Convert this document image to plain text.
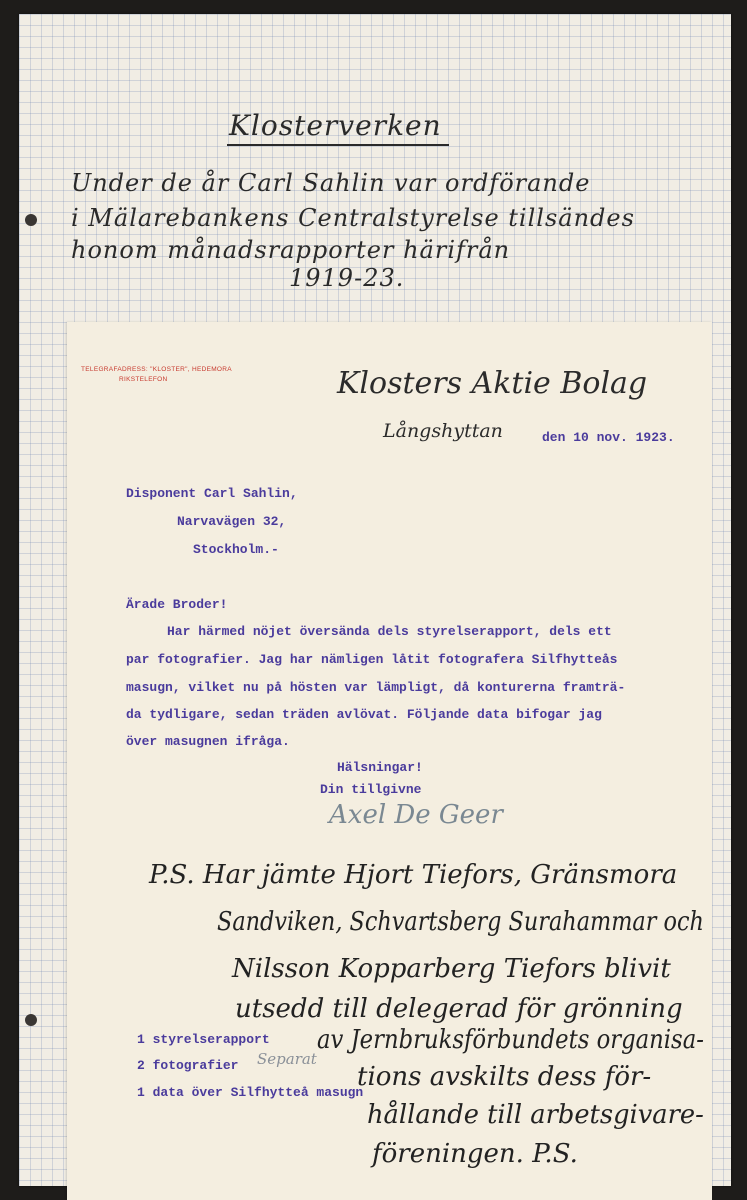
Klosterverken
Under de år Carl Sahlin var ordförande
i Mälarebankens Centralstyrelse tillsändes
honom månadsrapporter härifrån
1919-23.
TELEGRAFADRESS: "KLOSTER", HEDEMORA
RIKSTELEFON	Klosters Aktie Bolag
Långshyttan	den 10 nov. 1923.
Disponent Carl Sahlin,
Narvavägen 32,
Stockholm.-
Ärade Broder!
Har härmed nöjet översända dels styrelserapport, dels ett
par fotografier. Jag har nämligen låtit fotografera Silfhytteås
masugn, vilket nu på hösten var lämpligt, då konturerna framträ-
da tydligare, sedan träden avlövat. Följande data bifogar jag
över masugnen ifråga.
Hälsningar!
Din tillgivne
Axel De Geer
1 styrelserapport
2 fotografier
1 data över Silfhytteå masugn
Separat
P.S. Har jämte Hjort Tiefors, Gränsmora
Sandviken, Schvartsberg Surahammar och
Nilsson Kopparberg Tiefors blivit
utsedd till delegerad för grönning
av Jernbruksförbundets organisa-
tions avskilts dess för-
hållande till arbetsgivare-
föreningen. P.S.
